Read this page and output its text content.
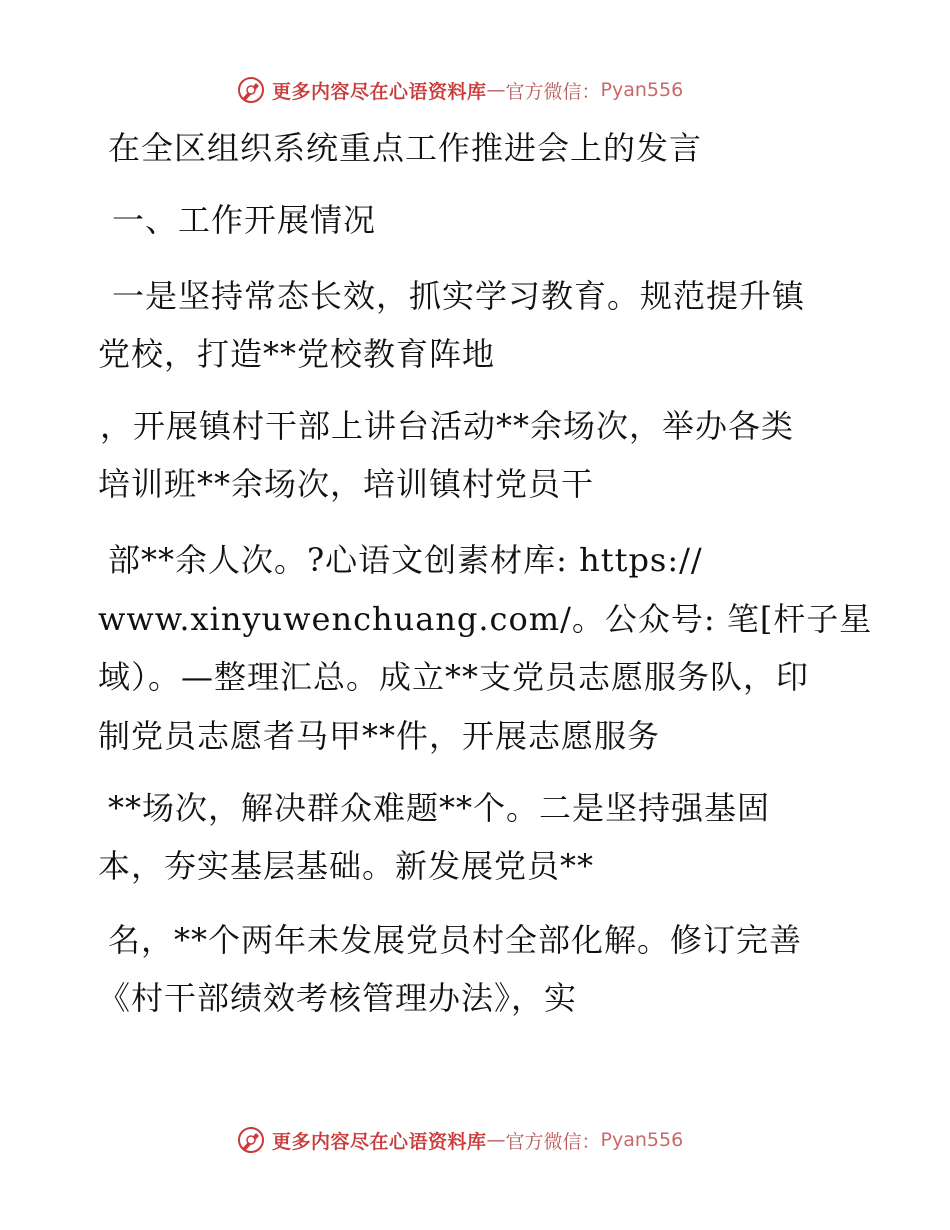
更多内容尽在心语资料库 — 官方微信： Pyan556
在全区组织系统重点工作推进会上的发言
一、工作开展情况
一是坚持常态长效，抓实学习教育。规范提升镇
党校，打造**党校教育阵地
，开展镇村干部上讲台活动**余场次，举办各类
培训班**余场次，培训镇村党员干
部**余人次。?心语文创素材库: https://
www.xinyuwenchuang.com/。公众号: 笔[杆子星
域）。—整理汇总。成立**支党员志愿服务队，印
制党员志愿者马甲**件，开展志愿服务
**场次，解决群众难题**个。二是坚持强基固
本，夯实基层基础。新发展党员**
名，**个两年未发展党员村全部化解。修订完善
《村干部绩效考核管理办法》，实
更多内容尽在心语资料库 — 官方微信： Pyan556
